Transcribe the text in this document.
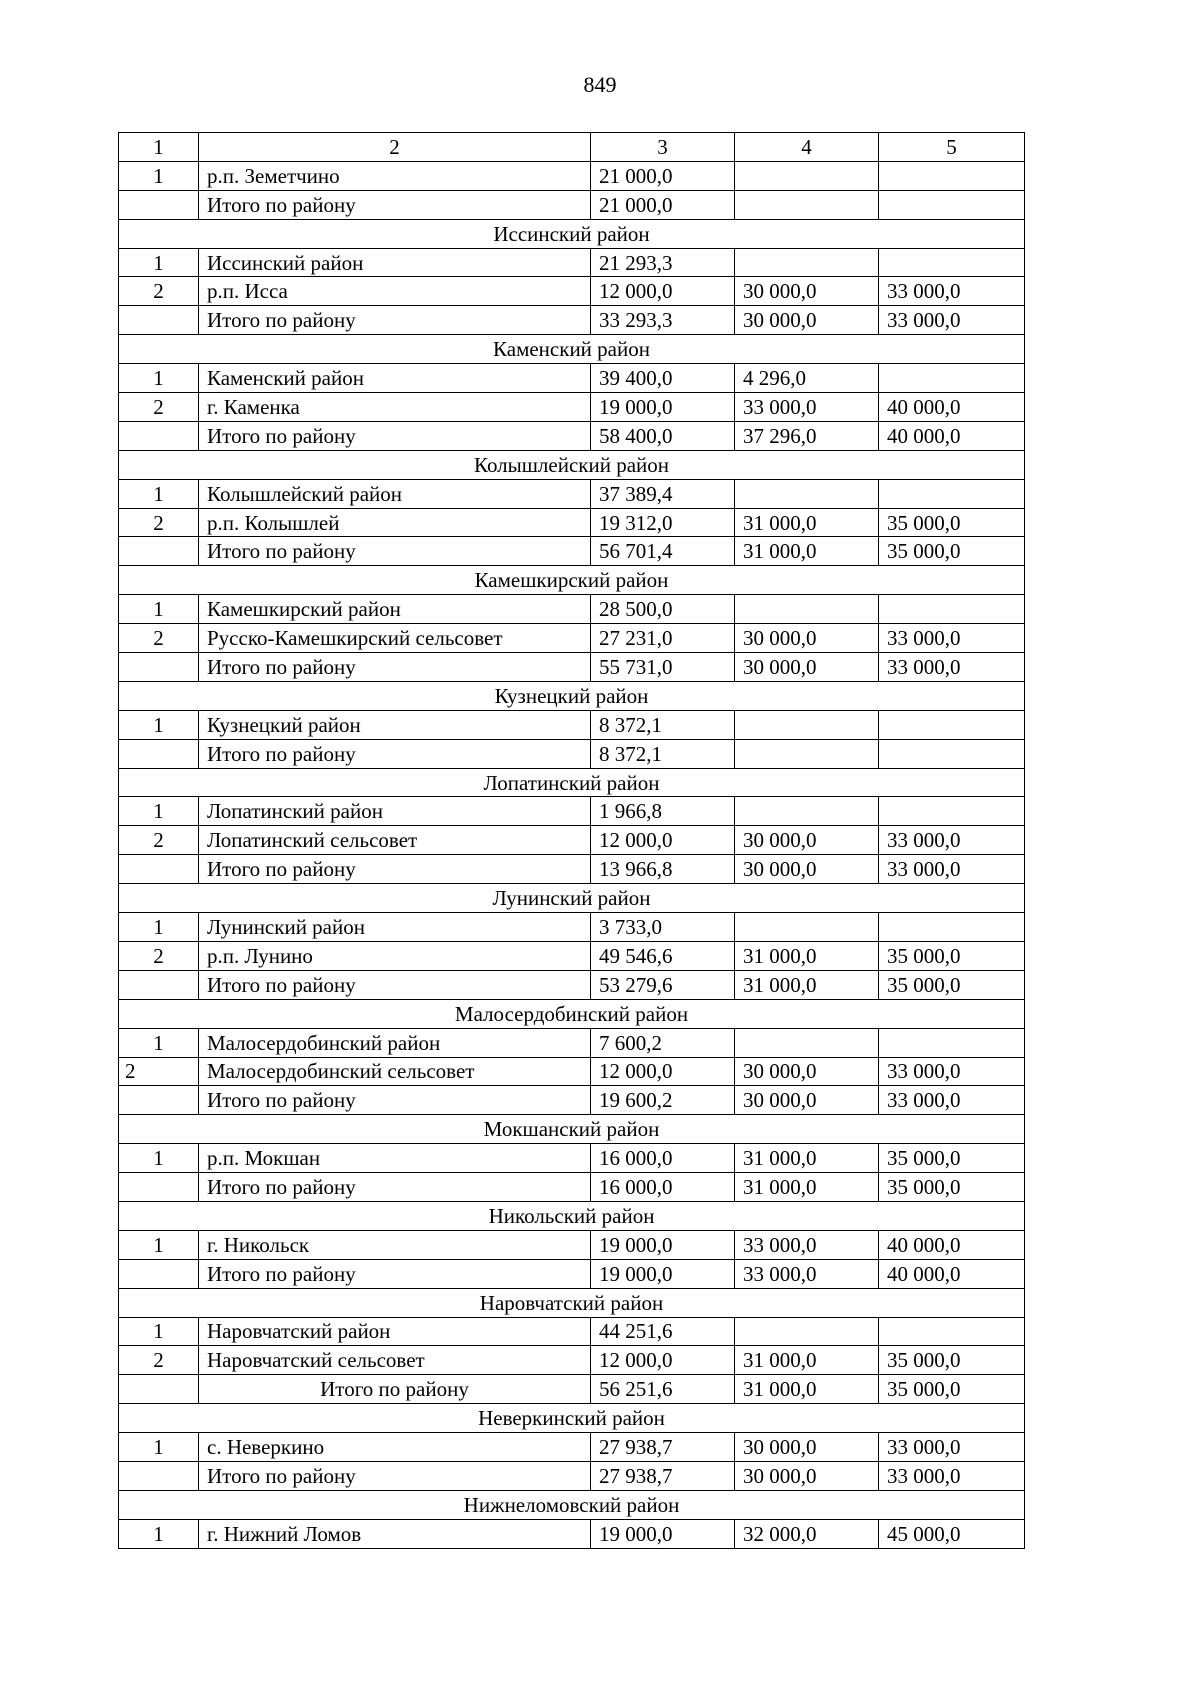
849
1	2	3	4	5
1	р.п. Земетчино	21 000,0		
	Итого по району	21 000,0		
Иссинский район				
1	Иссинский район	21 293,3		
2	р.п. Исса	12 000,0	30 000,0	33 000,0
	Итого по району	33 293,3	30 000,0	33 000,0
Каменский район				
1	Каменский район	39 400,0	4 296,0	
2	г. Каменка	19 000,0	33 000,0	40 000,0
	Итого по району	58 400,0	37 296,0	40 000,0
Колышлейский район				
1	Колышлейский район	37 389,4		
2	р.п. Колышлей	19 312,0	31 000,0	35 000,0
	Итого по району	56 701,4	31 000,0	35 000,0
Камешкирский район				
1	Камешкирский район	28 500,0		
2	Русско-Камешкирский сельсовет	27 231,0	30 000,0	33 000,0
	Итого по району	55 731,0	30 000,0	33 000,0
Кузнецкий район				
1	Кузнецкий район	8 372,1		
	Итого по району	8 372,1		
Лопатинский район				
1	Лопатинский район	1 966,8		
2	Лопатинский сельсовет	12 000,0	30 000,0	33 000,0
	Итого по району	13 966,8	30 000,0	33 000,0
Лунинский район				
1	Лунинский район	3 733,0		
2	р.п. Лунино	49 546,6	31 000,0	35 000,0
	Итого по району	53 279,6	31 000,0	35 000,0
Малосердобинский район				
1	Малосердобинский район	7 600,2		
2	Малосердобинский сельсовет	12 000,0	30 000,0	33 000,0
	Итого по району	19 600,2	30 000,0	33 000,0
Мокшанский район				
1	р.п. Мокшан	16 000,0	31 000,0	35 000,0
	Итого по району	16 000,0	31 000,0	35 000,0
Никольский район				
1	г. Никольск	19 000,0	33 000,0	40 000,0
	Итого по району	19 000,0	33 000,0	40 000,0
Наровчатский район				
1	Наровчатский район	44 251,6		
2	Наровчатский сельсовет	12 000,0	31 000,0	35 000,0
	Итого по району	56 251,6	31 000,0	35 000,0
Неверкинский район				
1	с. Неверкино	27 938,7	30 000,0	33 000,0
	Итого по району	27 938,7	30 000,0	33 000,0
Нижнеломовский район				
1	г. Нижний Ломов	19 000,0	32 000,0	45 000,0
